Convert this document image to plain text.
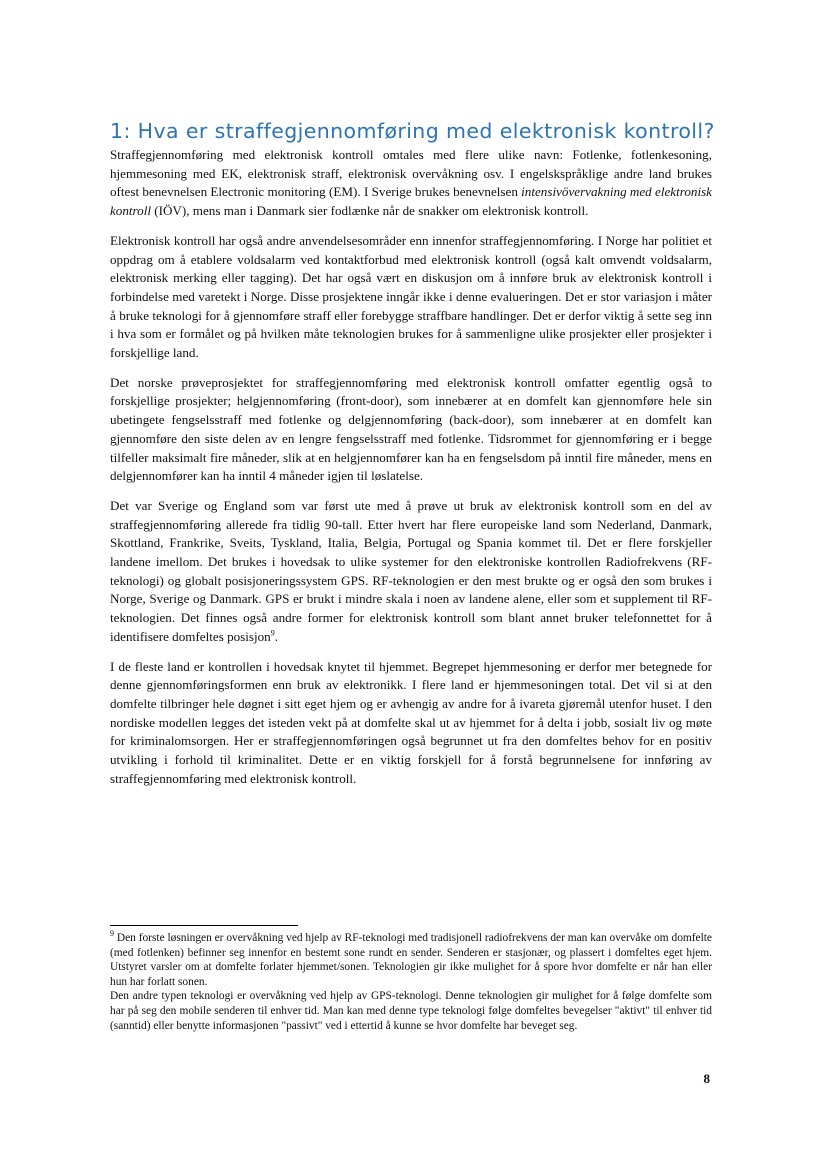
1: Hva er straffegjennomføring med elektronisk kontroll?

Straffegjennomføring med elektronisk kontroll omtales med flere ulike navn: Fotlenke, fotlenkesoning, hjemmesoning med EK, elektronisk straff, elektronisk overvåkning osv. I engelskspråklige andre land brukes oftest benevnelsen Electronic monitoring (EM). I Sverige brukes benevnelsen intensivövervakning med elektronisk kontroll (IÖV), mens man i Danmark sier fodlænke når de snakker om elektronisk kontroll.

Elektronisk kontroll har også andre anvendelsesområder enn innenfor straffegjennomføring. I Norge har politiet et oppdrag om å etablere voldsalarm ved kontaktforbud med elektronisk kontroll (også kalt omvendt voldsalarm, elektronisk merking eller tagging). Det har også vært en diskusjon om å innføre bruk av elektronisk kontroll i forbindelse med varetekt i Norge. Disse prosjektene inngår ikke i denne evalueringen. Det er stor variasjon i måter å bruke teknologi for å gjennomføre straff eller forebygge straffbare handlinger. Det er derfor viktig å sette seg inn i hva som er formålet og på hvilken måte teknologien brukes for å sammenligne ulike prosjekter eller prosjekter i forskjellige land.

Det norske prøveprosjektet for straffegjennomføring med elektronisk kontroll omfatter egentlig også to forskjellige prosjekter; helgjennomføring (front-door), som innebærer at en domfelt kan gjennomføre hele sin ubetingete fengselsstraff med fotlenke og delgjennomføring (back-door), som innebærer at en domfelt kan gjennomføre den siste delen av en lengre fengselsstraff med fotlenke. Tidsrommet for gjennomføring er i begge tilfeller maksimalt fire måneder, slik at en helgjennomfører kan ha en fengselsdom på inntil fire måneder, mens en delgjennomfører kan ha inntil 4 måneder igjen til løslatelse.

Det var Sverige og England som var først ute med å prøve ut bruk av elektronisk kontroll som en del av straffegjennomføring allerede fra tidlig 90-tall. Etter hvert har flere europeiske land som Nederland, Danmark, Skottland, Frankrike, Sveits, Tyskland, Italia, Belgia, Portugal og Spania kommet til. Det er flere forskjeller landene imellom. Det brukes i hovedsak to ulike systemer for den elektroniske kontrollen Radiofrekvens (RF-teknologi) og globalt posisjoneringssystem GPS. RF-teknologien er den mest brukte og er også den som brukes i Norge, Sverige og Danmark. GPS er brukt i mindre skala i noen av landene alene, eller som et supplement til RF-teknologien. Det finnes også andre former for elektronisk kontroll som blant annet bruker telefonnettet for å identifisere domfeltes posisjon$^9$.

I de fleste land er kontrollen i hovedsak knytet til hjemmet. Begrepet hjemmesoning er derfor mer betegnede for denne gjennomføringsformen enn bruk av elektronikk. I flere land er hjemmesoningen total. Det vil si at den domfelte tilbringer hele døgnet i sitt eget hjem og er avhengig av andre for å ivareta gjøremål utenfor huset. I den nordiske modellen legges det isteden vekt på at domfelte skal ut av hjemmet for å delta i jobb, sosialt liv og møte for kriminalomsorgen. Her er straffegjennomføringen også begrunnet ut fra den domfeltes behov for en positiv utvikling i forhold til kriminalitet. Dette er en viktig forskjell for å forstå begrunnelsene for innføring av straffegjennomføring med elektronisk kontroll.

$^9$ Den forste løsningen er overvåkning ved hjelp av RF-teknologi med tradisjonell radiofrekvens der man kan overvåke om domfelte (med fotlenken) befinner seg innenfor en bestemt sone rundt en sender. Senderen er stasjonær, og plassert i domfeltes eget hjem. Utstyret varsler om at domfelte forlater hjemmet/sonen. Teknologien gir ikke mulighet for å spore hvor domfelte er når han eller hun har forlatt sonen.

Den andre typen teknologi er overvåkning ved hjelp av GPS-teknologi. Denne teknologien gir mulighet for å følge domfelte som har på seg den mobile senderen til enhver tid. Man kan med denne type teknologi følge domfeltes bevegelser "aktivt" til enhver tid (sanntid) eller benytte informasjonen "passivt" ved i ettertid å kunne se hvor domfelte har beveget seg.

8
